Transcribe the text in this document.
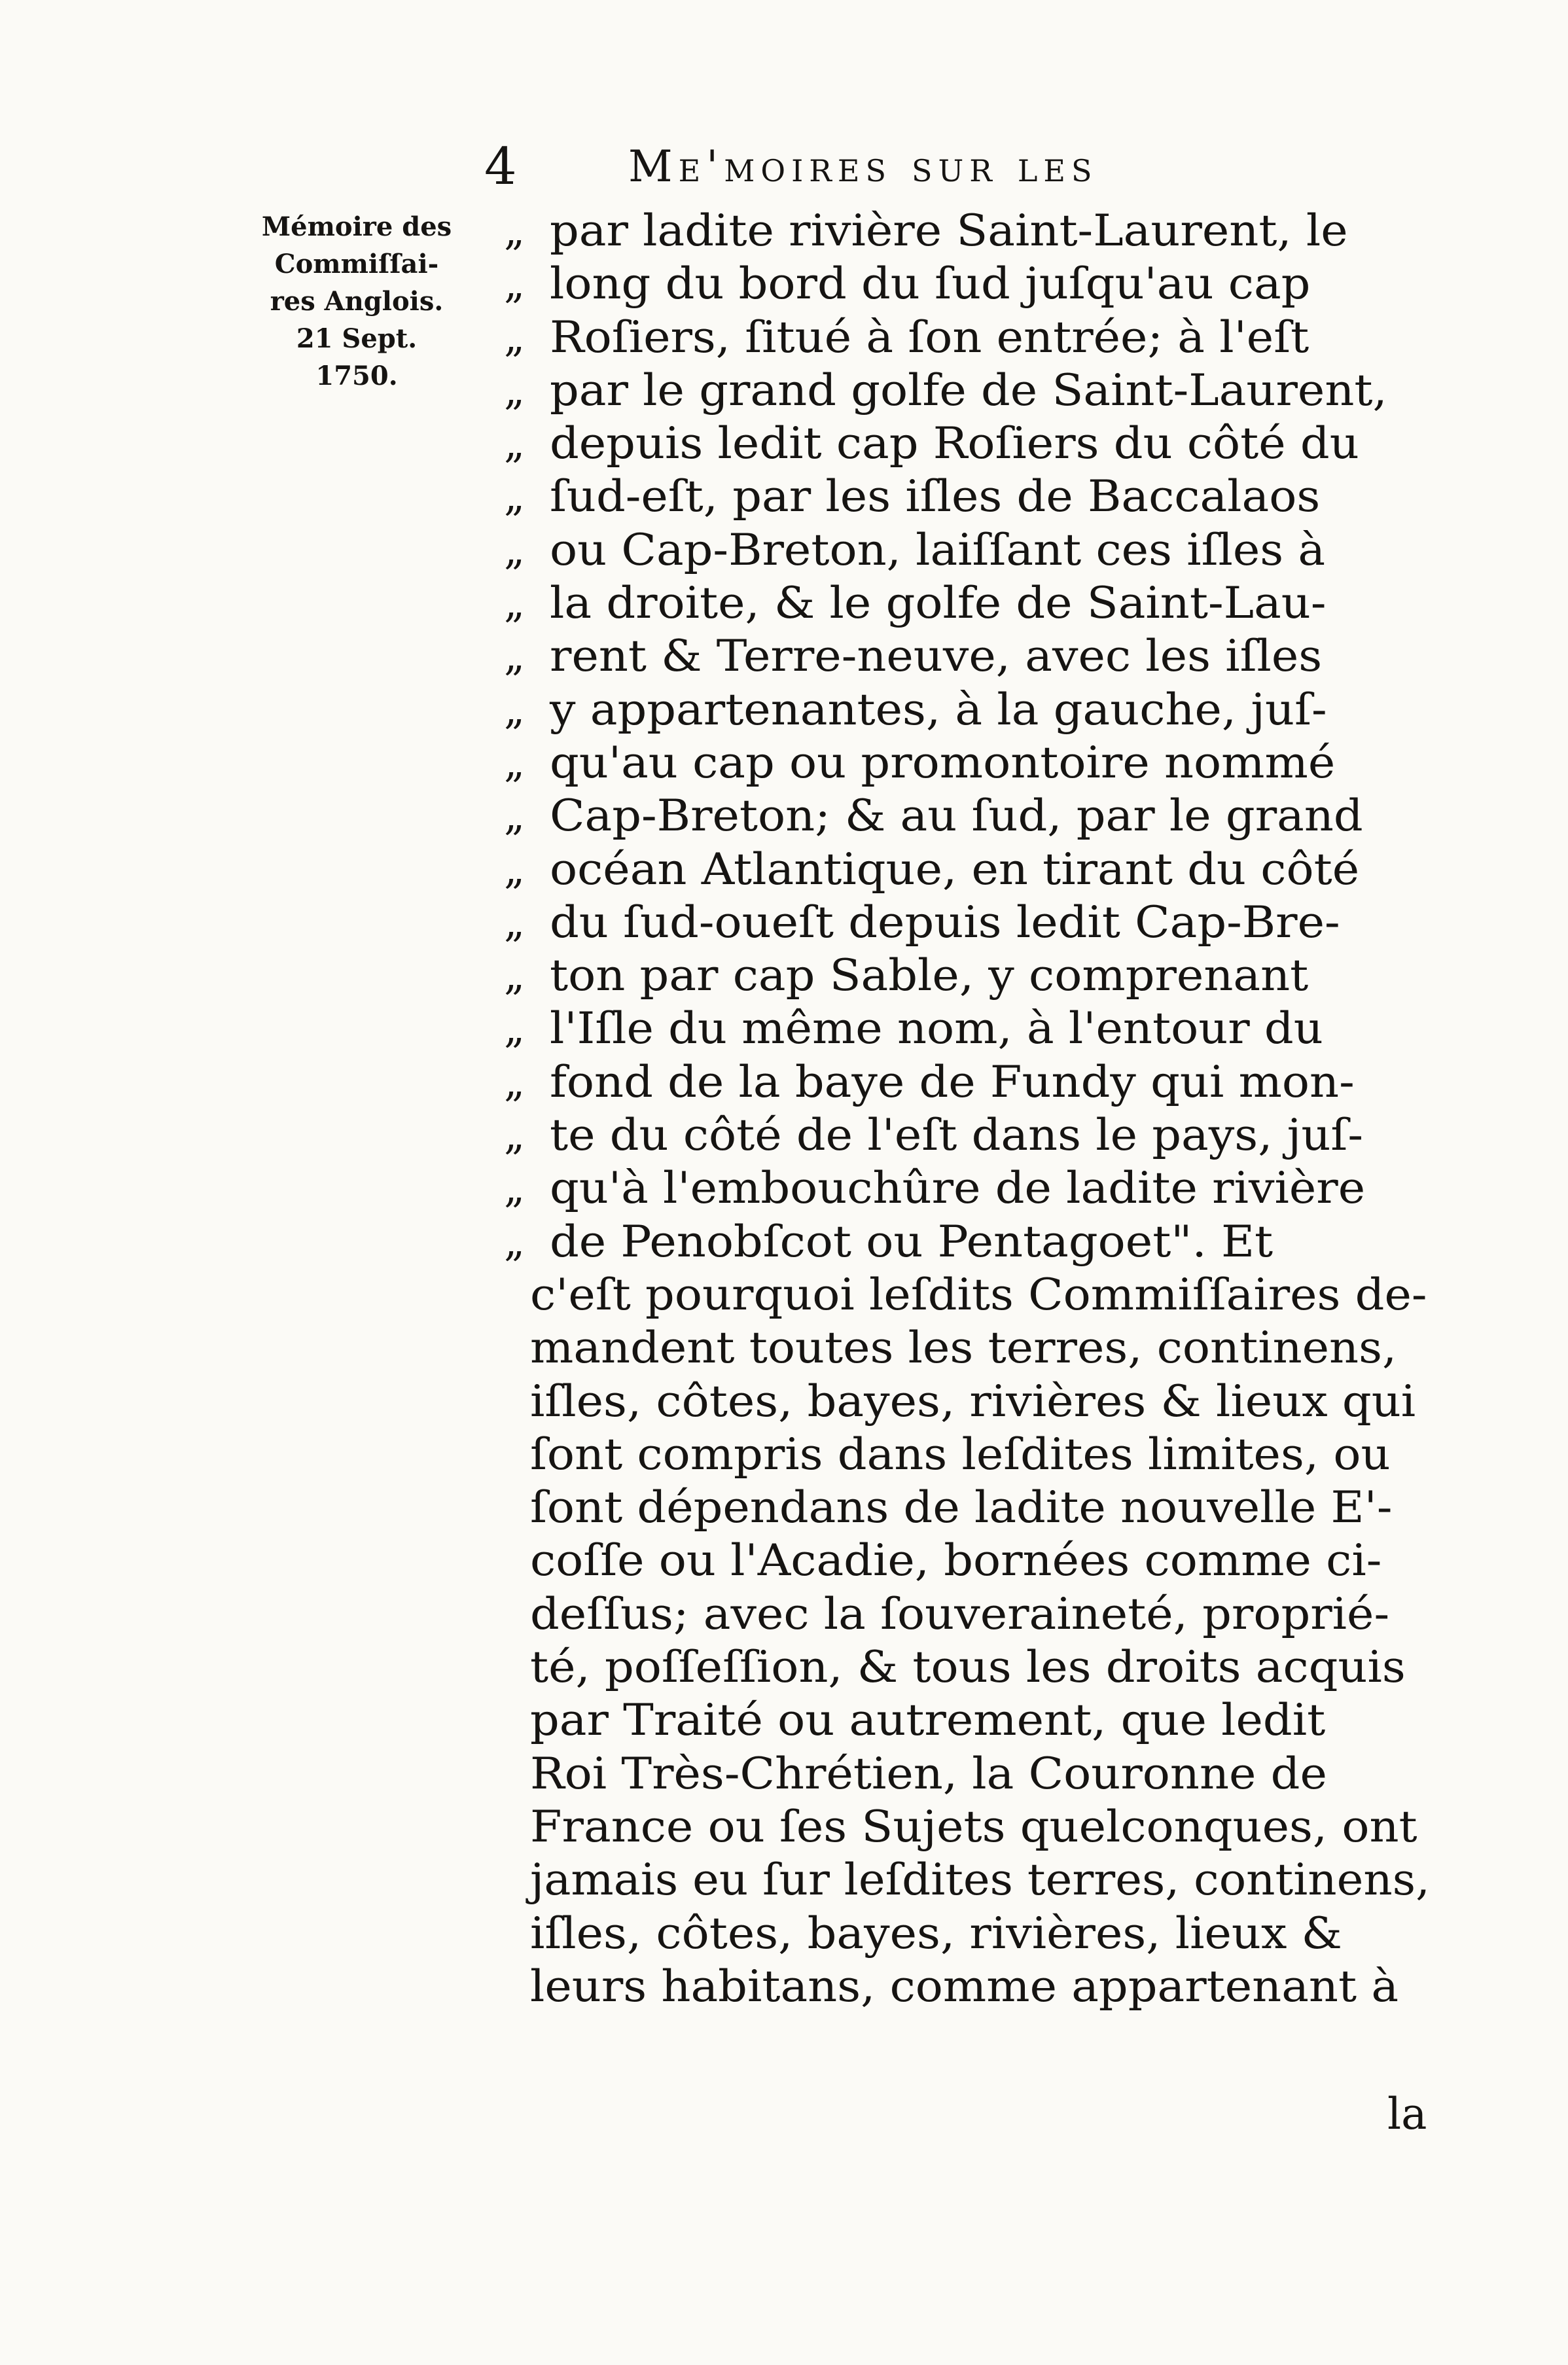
4	Me'moires sur les
Mémoire des
Commiſſai-
res Anglois.
21 Sept.
1750.
„ par ladite rivière Saint-Laurent, le
„ long du bord du ſud juſqu'au cap
„ Roſiers, ſitué à ſon entrée; à l'eſt
„ par le grand golfe de Saint-Laurent,
„ depuis ledit cap Roſiers du côté du
„ ſud-eſt, par les iſles de Baccalaos
„ ou Cap-Breton, laiſſant ces iſles à
„ la droite, & le golfe de Saint-Lau-
„ rent & Terre-neuve, avec les iſles
„ y appartenantes, à la gauche, juſ-
„ qu'au cap ou promontoire nommé
„ Cap-Breton; & au ſud, par le grand
„ océan Atlantique, en tirant du côté
„ du ſud-oueſt depuis ledit Cap-Bre-
„ ton par cap Sable, y comprenant
„ l'Iſle du même nom, à l'entour du
„ fond de la baye de Fundy qui mon-
„ te du côté de l'eſt dans le pays, juſ-
„ qu'à l'embouchûre de ladite rivière
„ de Penobſcot ou Pentagoet". Et
c'eſt pourquoi leſdits Commiſſaires de-
mandent toutes les terres, continens,
iſles, côtes, bayes, rivières & lieux qui
ſont compris dans leſdites limites, ou
ſont dépendans de ladite nouvelle E'-
coſſe ou l'Acadie, bornées comme ci-
deſſus; avec la ſouveraineté, proprié-
té, poſſeſſion, & tous les droits acquis
par Traité ou autrement, que ledit
Roi Très-Chrétien, la Couronne de
France ou ſes Sujets quelconques, ont
jamais eu ſur leſdites terres, continens,
iſles, côtes, bayes, rivières, lieux &
leurs habitans, comme appartenant à
la
